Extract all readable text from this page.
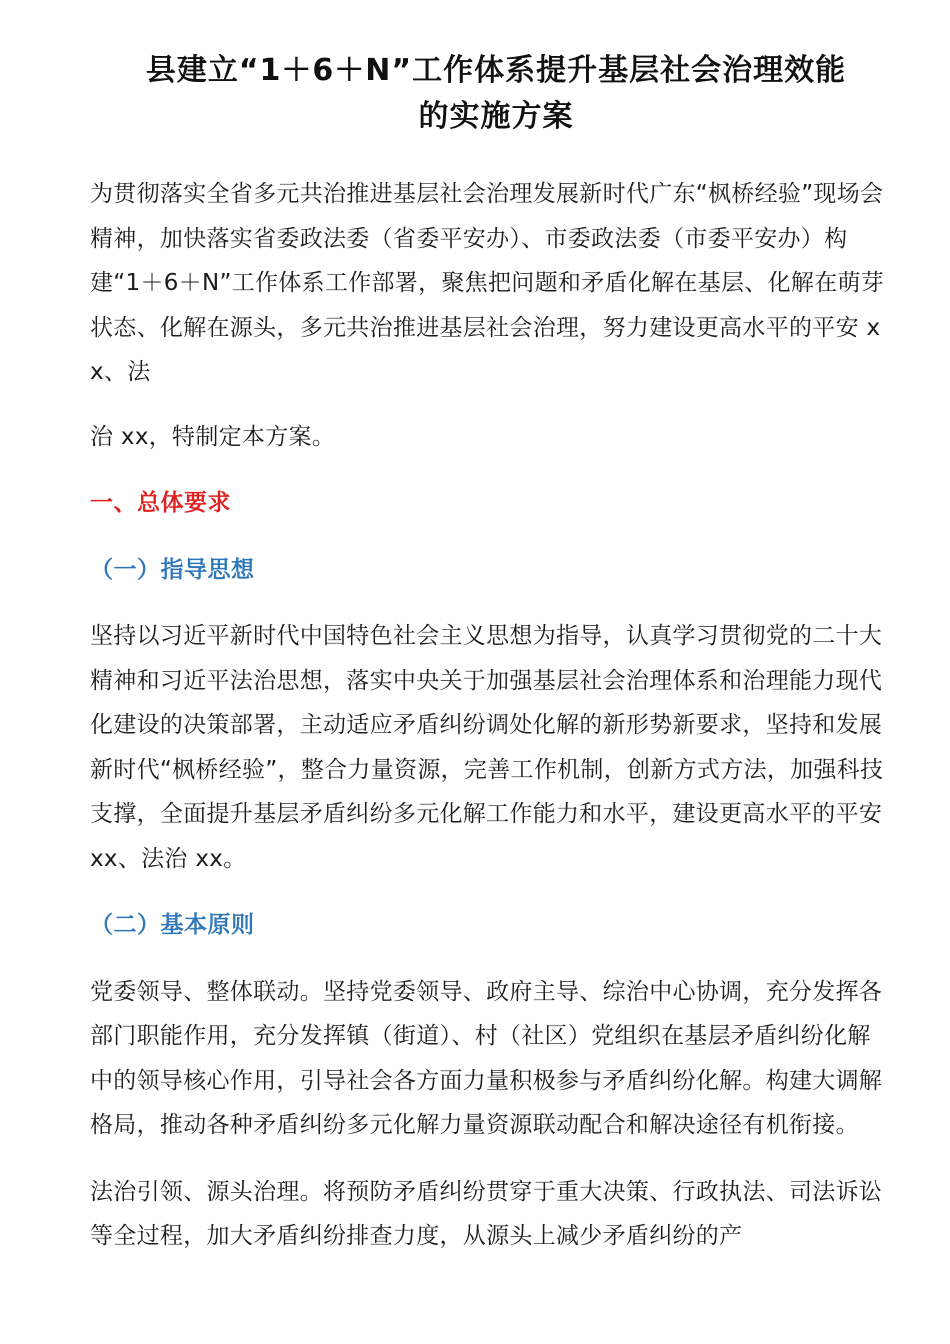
县建立“1＋6＋N”工作体系提升基层社会治理效能
的实施方案

为贯彻落实全省多元共治推进基层社会治理发展新时代广东“枫桥经验”现场会精神，加快落实省委政法委（省委平安办）、市委政法委（市委平安办）构建“1＋6＋N”工作体系工作部署，聚焦把问题和矛盾化解在基层、化解在萌芽状态、化解在源头，多元共治推进基层社会治理，努力建设更高水平的平安 xx、法

治 xx，特制定本方案。

一、总体要求
（一）指导思想

坚持以习近平新时代中国特色社会主义思想为指导，认真学习贯彻党的二十大精神和习近平法治思想，落实中央关于加强基层社会治理体系和治理能力现代化建设的决策部署，主动适应矛盾纠纷调处化解的新形势新要求，坚持和发展新时代“枫桥经验”，整合力量资源，完善工作机制，创新方式方法，加强科技支撑，全面提升基层矛盾纠纷多元化解工作能力和水平，建设更高水平的平安 xx、法治 xx。

（二）基本原则

党委领导、整体联动。坚持党委领导、政府主导、综治中心协调，充分发挥各部门职能作用，充分发挥镇（街道）、村（社区）党组织在基层矛盾纠纷化解中的领导核心作用，引导社会各方面力量积极参与矛盾纠纷化解。构建大调解格局，推动各种矛盾纠纷多元化解力量资源联动配合和解决途径有机衔接。

法治引领、源头治理。将预防矛盾纠纷贯穿于重大决策、行政执法、司法诉讼等全过程，加大矛盾纠纷排查力度，从源头上减少矛盾纠纷的产
